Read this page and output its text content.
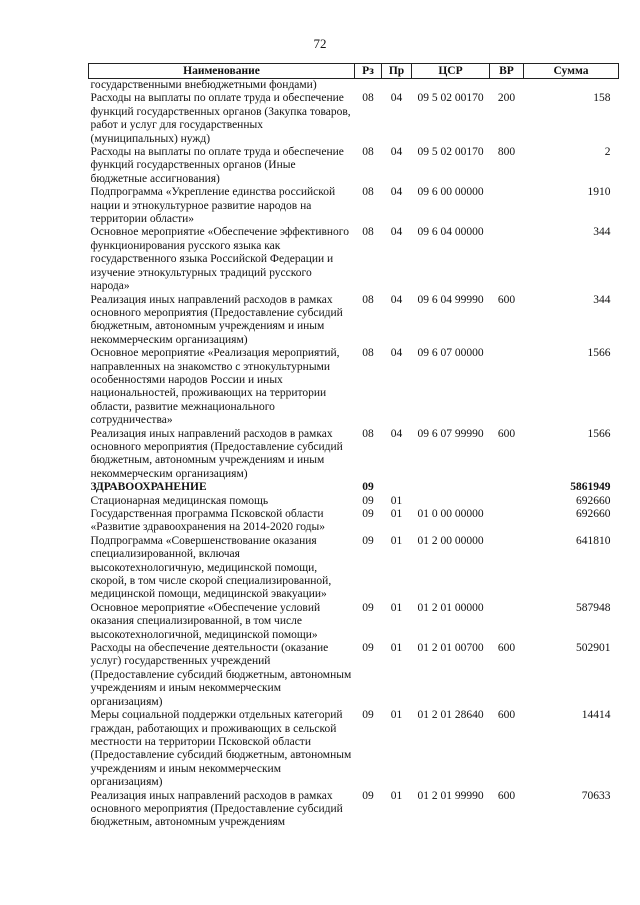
72
Наименование	Рз	Пр	ЦСР	ВР	Сумма
государственными внебюджетными фондами)					
Расходы на выплаты по оплате труда и обеспечение функций государственных органов (Закупка товаров, работ и услуг для государственных (муниципальных) нужд)	08	04	09 5 02 00170	200	158
Расходы на выплаты по оплате труда и обеспечение функций государственных органов (Иные бюджетные ассигнования)	08	04	09 5 02 00170	800	2
Подпрограмма «Укрепление единства российской нации и этнокультурное развитие народов на территории области»	08	04	09 6 00 00000		1910
Основное мероприятие «Обеспечение эффективного функционирования русского языка как государственного языка Российской Федерации и изучение этнокультурных традиций русского народа»	08	04	09 6 04 00000		344
Реализация иных направлений расходов в рамках основного мероприятия (Предоставление субсидий бюджетным, автономным учреждениям и иным некоммерческим организациям)	08	04	09 6 04 99990	600	344
Основное мероприятие «Реализация мероприятий, направленных на знакомство с этнокультурными особенностями народов России и иных национальностей, проживающих на территории области, развитие межнационального сотрудничества»	08	04	09 6 07 00000		1566
Реализация иных направлений расходов в рамках основного мероприятия (Предоставление субсидий бюджетным, автономным учреждениям и иным некоммерческим организациям)	08	04	09 6 07 99990	600	1566
ЗДРАВООХРАНЕНИЕ	09				5861949
Стационарная медицинская помощь	09	01			692660
Государственная программа Псковской области «Развитие здравоохранения на 2014-2020 годы»	09	01	01 0 00 00000		692660
Подпрограмма «Совершенствование оказания специализированной, включая высокотехнологичную, медицинской помощи, скорой, в том числе скорой специализированной, медицинской помощи, медицинской эвакуации»	09	01	01 2 00 00000		641810
Основное мероприятие «Обеспечение условий оказания специализированной, в том числе высокотехнологичной, медицинской помощи»	09	01	01 2 01 00000		587948
Расходы на обеспечение деятельности (оказание услуг) государственных учреждений (Предоставление субсидий бюджетным, автономным учреждениям и иным некоммерческим организациям)	09	01	01 2 01 00700	600	502901
Меры социальной поддержки отдельных категорий граждан, работающих и проживающих в сельской местности на территории Псковской области (Предоставление субсидий бюджетным, автономным учреждениям и иным некоммерческим организациям)	09	01	01 2 01 28640	600	14414
Реализация иных направлений расходов в рамках основного мероприятия (Предоставление субсидий бюджетным, автономным учреждениям	09	01	01 2 01 99990	600	70633
